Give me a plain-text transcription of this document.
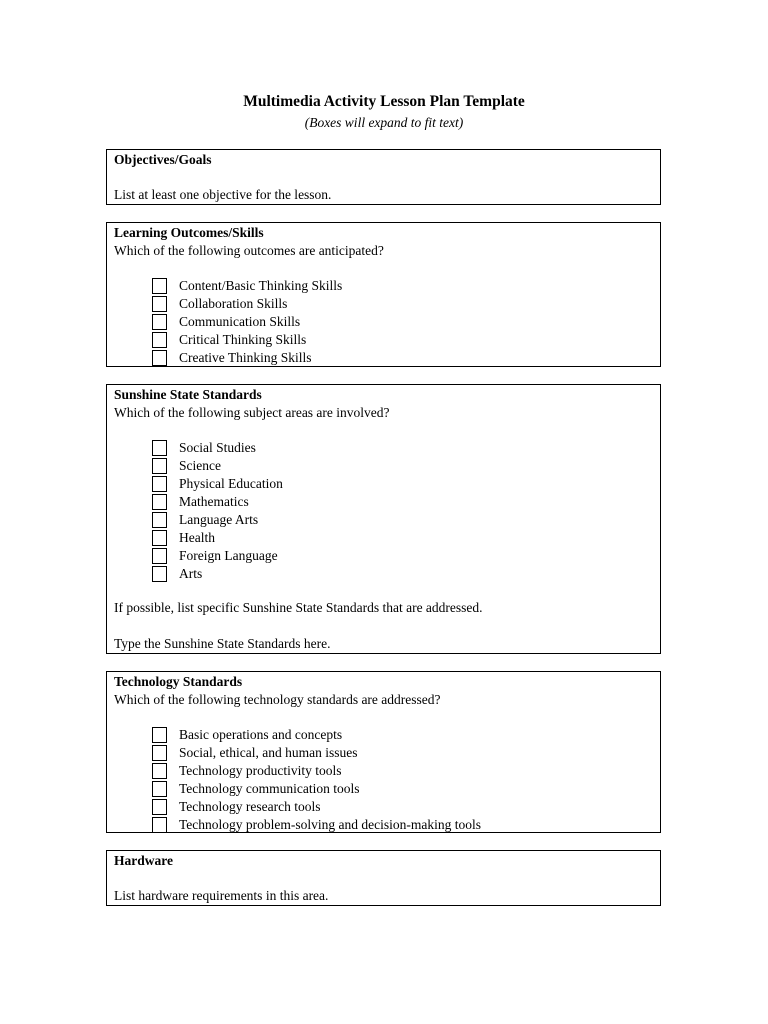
Multimedia Activity Lesson Plan Template
(Boxes will expand to fit text)
Objectives/Goals
List at least one objective for the lesson.
Learning Outcomes/Skills
Which of the following outcomes are anticipated?
Content/Basic Thinking Skills
Collaboration Skills
Communication Skills
Critical Thinking Skills
Creative Thinking Skills
Sunshine State Standards
Which of the following subject areas are involved?
Social Studies
Science
Physical Education
Mathematics
Language Arts
Health
Foreign Language
Arts
If possible, list specific Sunshine State Standards that are addressed.
Type the Sunshine State Standards here.
Technology Standards
Which of the following technology standards are addressed?
Basic operations and concepts
Social, ethical, and human issues
Technology productivity tools
Technology communication tools
Technology research tools
Technology problem-solving and decision-making tools
Hardware
List hardware requirements in this area.
